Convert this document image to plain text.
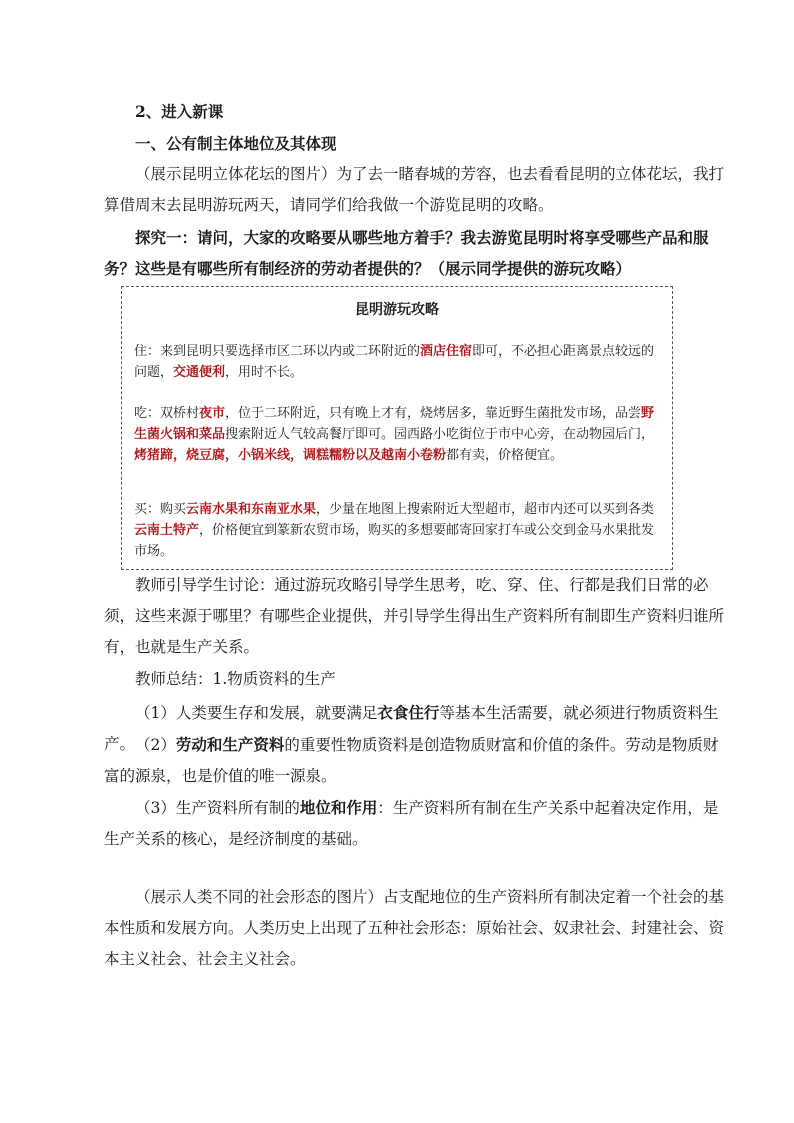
2、进入新课

一、公有制主体地位及其体现

（展示昆明立体花坛的图片）为了去一睹春城的芳容，也去看看昆明的立体花坛，我打算借周末去昆明游玩两天，请同学们给我做一个游览昆明的攻略。

探究一：请问，大家的攻略要从哪些地方着手？我去游览昆明时将享受哪些产品和服务？这些是有哪些所有制经济的劳动者提供的？（展示同学提供的游玩攻略）

昆明游玩攻略

住：来到昆明只要选择市区二环以内或二环附近的酒店住宿即可，不必担心距离景点较远的问题，交通便利，用时不长。

吃：双桥村夜市，位于二环附近，只有晚上才有，烧烤居多，靠近野生菌批发市场，品尝野生菌火锅和菜品搜索附近人气较高餐厅即可。园西路小吃街位于市中心旁，在动物园后门，烤猪蹄，烧豆腐，小锅米线，调糕糯粉以及越南小卷粉都有卖，价格便宜。

买：购买云南水果和东南亚水果，少量在地图上搜索附近大型超市，超市内还可以买到各类云南土特产，价格便宜到篆新农贸市场，购买的多想要邮寄回家打车或公交到金马水果批发市场。

教师引导学生讨论：通过游玩攻略引导学生思考，吃、穿、住、行都是我们日常的必须，这些来源于哪里？有哪些企业提供，并引导学生得出生产资料所有制即生产资料归谁所有，也就是生产关系。

教师总结：1.物质资料的生产

（1）人类要生存和发展，就要满足衣食住行等基本生活需要，就必须进行物质资料生产。 （2）劳动和生产资料的重要性物质资料是创造物质财富和价值的条件。劳动是物质财富的源泉，也是价值的唯一源泉。

（3）生产资料所有制的地位和作用：生产资料所有制在生产关系中起着决定作用，是生产关系的核心，是经济制度的基础。

（展示人类不同的社会形态的图片）占支配地位的生产资料所有制决定着一个社会的基本性质和发展方向。人类历史上出现了五种社会形态：原始社会、奴隶社会、封建社会、资本主义社会、社会主义社会。
